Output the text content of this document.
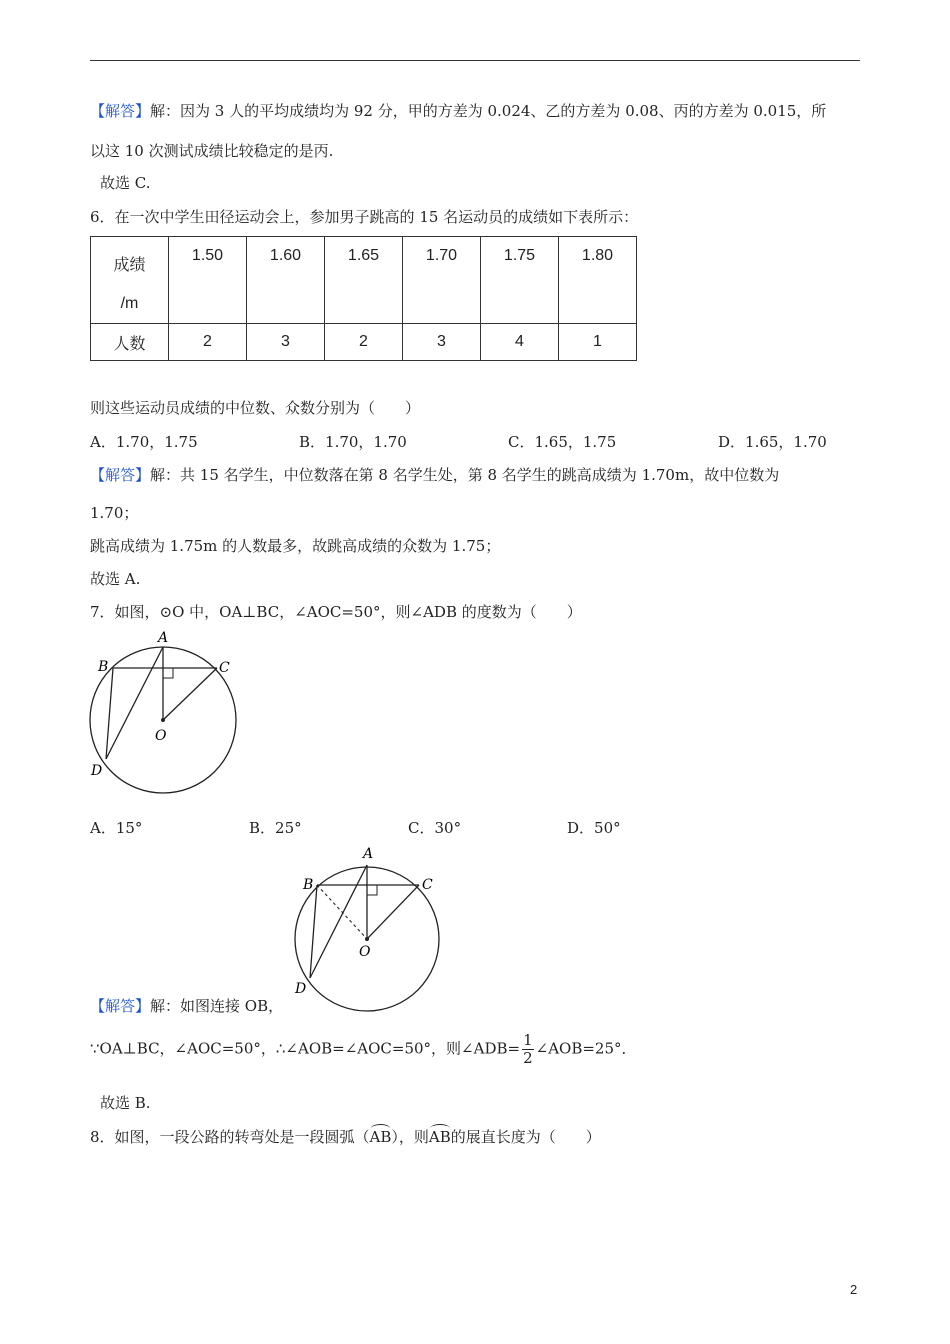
【解答】解：因为 3 人的平均成绩均为 92 分，甲的方差为 0.024、乙的方差为 0.08、丙的方差为 0.015，所
以这 10 次测试成绩比较稳定的是丙.
故选 C.
6．在一次中学生田径运动会上，参加男子跳高的 15 名运动员的成绩如下表所示：
成绩
/m	1.50	1.60	1.65	1.70	1.75	1.80
人数	2	3	2	3	4	1
则这些运动员成绩的中位数、众数分别为（　　）
A．1.70，1.75	B．1.70，1.70	C．1.65，1.75	D．1.65，1.70
【解答】解：共 15 名学生，中位数落在第 8 名学生处，第 8 名学生的跳高成绩为 1.70m，故中位数为
1.70；
跳高成绩为 1.75m 的人数最多，故跳高成绩的众数为 1.75；
故选 A.
7．如图，⊙O 中，OA⊥BC，∠AOC=50°，则∠ADB 的度数为（　　）
A
B	C
O
D
A．15°	B．25°	C．30°	D．50°
A
B	C
O
D
【解答】解：如图连接 OB，
∵OA⊥BC，∠AOC=50°，∴∠AOB=∠AOC=50°，则∠ADB= $\frac{1}{2}$ ∠AOB=25°．
故选 B.
8．如图，一段公路的转弯处是一段圆弧（AB），则AB的展直长度为（　　）
2
